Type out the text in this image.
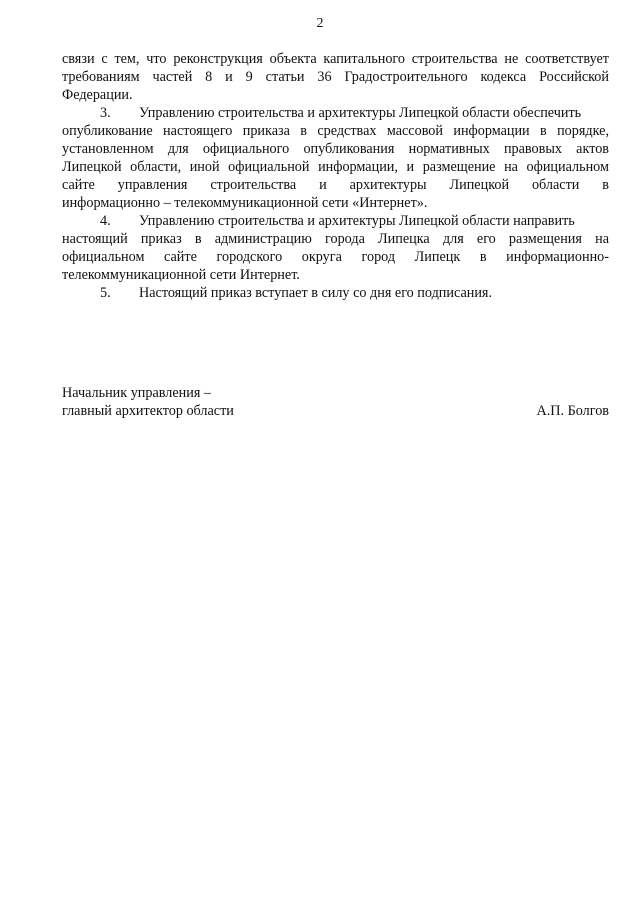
2
связи с тем, что реконструкция объекта капитального строительства не соответствует
требованиям частей 8 и 9 статьи 36 Градостроительного кодекса Российской
Федерации.
3. Управлению строительства и архитектуры Липецкой области обеспечить
опубликование настоящего приказа в средствах массовой информации в порядке,
установленном для официального опубликования нормативных правовых актов
Липецкой области, иной официальной информации, и размещение на официальном
сайте управления строительства и архитектуры Липецкой области в
информационно – телекоммуникационной сети «Интернет».
4. Управлению строительства и архитектуры Липецкой области направить
настоящий приказ в администрацию города Липецка для его размещения на
официальном сайте городского округа город Липецк в информационно-
телекоммуникационной сети Интернет.
5. Настоящий приказ вступает в силу со дня его подписания.
Начальник управления –
главный архитектор области	А.П. Болгов
